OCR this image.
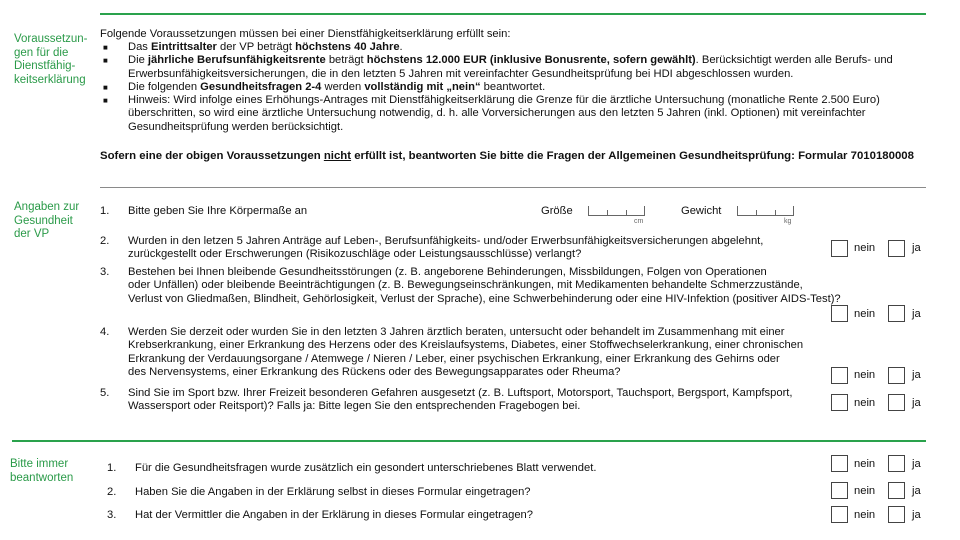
Voraussetzun-
gen für die
Dienstfähig-
keitserklärung
Folgende Voraussetzungen müssen bei einer Dienstfähigkeitserklärung erfüllt sein:
■ Das Eintrittsalter der VP beträgt höchstens 40 Jahre.
■ Die jährliche Berufsunfähigkeitsrente beträgt höchstens 12.000 EUR (inklusive Bonusrente, sofern gewählt). Berücksichtigt werden alle Berufs- und Erwerbsunfähigkeitsversicherungen, die in den letzten 5 Jahren mit vereinfachter Gesundheitsprüfung bei HDI abgeschlossen wurden.
■ Die folgenden Gesundheitsfragen 2-4 werden vollständig mit „nein“ beantwortet.
■ Hinweis: Wird infolge eines Erhöhungs-Antrages mit Dienstfähigkeitserklärung die Grenze für die ärztliche Untersuchung (monatliche Rente 2.500 Euro) überschritten, so wird eine ärztliche Untersuchung notwendig, d. h. alle Vorversicherungen aus den letzten 5 Jahren (inkl. Optionen) mit vereinfachter Gesundheitsprüfung werden berücksichtigt.
Sofern eine der obigen Voraussetzungen nicht erfüllt ist, beantworten Sie bitte die Fragen der Allgemeinen Gesundheitsprüfung: Formular 7010180008
Angaben zur
Gesundheit
der VP
1. Bitte geben Sie Ihre Körpermaße an	Größe
cm
Gewicht
kg
2. Wurden in den letzen 5 Jahren Anträge auf Leben-, Berufsunfähigkeits- und/oder Erwerbsunfähigkeitsversicherungen abgelehnt,
zurückgestellt oder Erschwerungen (Risikozuschläge oder Leistungsausschlüsse) verlangt?
nein	ja
3. Bestehen bei Ihnen bleibende Gesundheitsstörungen (z. B. angeborene Behinderungen, Missbildungen, Folgen von Operationen
oder Unfällen) oder bleibende Beeinträchtigungen (z. B. Bewegungseinschränkungen, mit Medikamenten behandelte Schmerzzustände,
Verlust von Gliedmaßen, Blindheit, Gehörlosigkeit, Verlust der Sprache), eine Schwerbehinderung oder eine HIV-Infektion (positiver AIDS-Test)?
nein	ja
4. Werden Sie derzeit oder wurden Sie in den letzten 3 Jahren ärztlich beraten, untersucht oder behandelt im Zusammenhang mit einer
Krebserkrankung, einer Erkrankung des Herzens oder des Kreislaufsystems, Diabetes, einer Stoffwechselerkrankung, einer chronischen
Erkrankung der Verdauungsorgane / Atemwege / Nieren / Leber, einer psychischen Erkrankung, einer Erkrankung des Gehirns oder
des Nervensystems, einer Erkrankung des Rückens oder des Bewegungsapparates oder Rheuma?	nein	ja
5. Sind Sie im Sport bzw. Ihrer Freizeit besonderen Gefahren ausgesetzt (z. B. Luftsport, Motorsport, Tauchsport, Bergsport, Kampfsport,
Wassersport oder Reitsport)? Falls ja: Bitte legen Sie den entsprechenden Fragebogen bei.	nein	ja
Bitte immer
beantworten
1. Für die Gesundheitsfragen wurde zusätzlich ein gesondert unterschriebenes Blatt verwendet.	nein	ja
2. Haben Sie die Angaben in der Erklärung selbst in dieses Formular eingetragen?	nein	ja
3. Hat der Vermittler die Angaben in der Erklärung in dieses Formular eingetragen?	nein	ja
